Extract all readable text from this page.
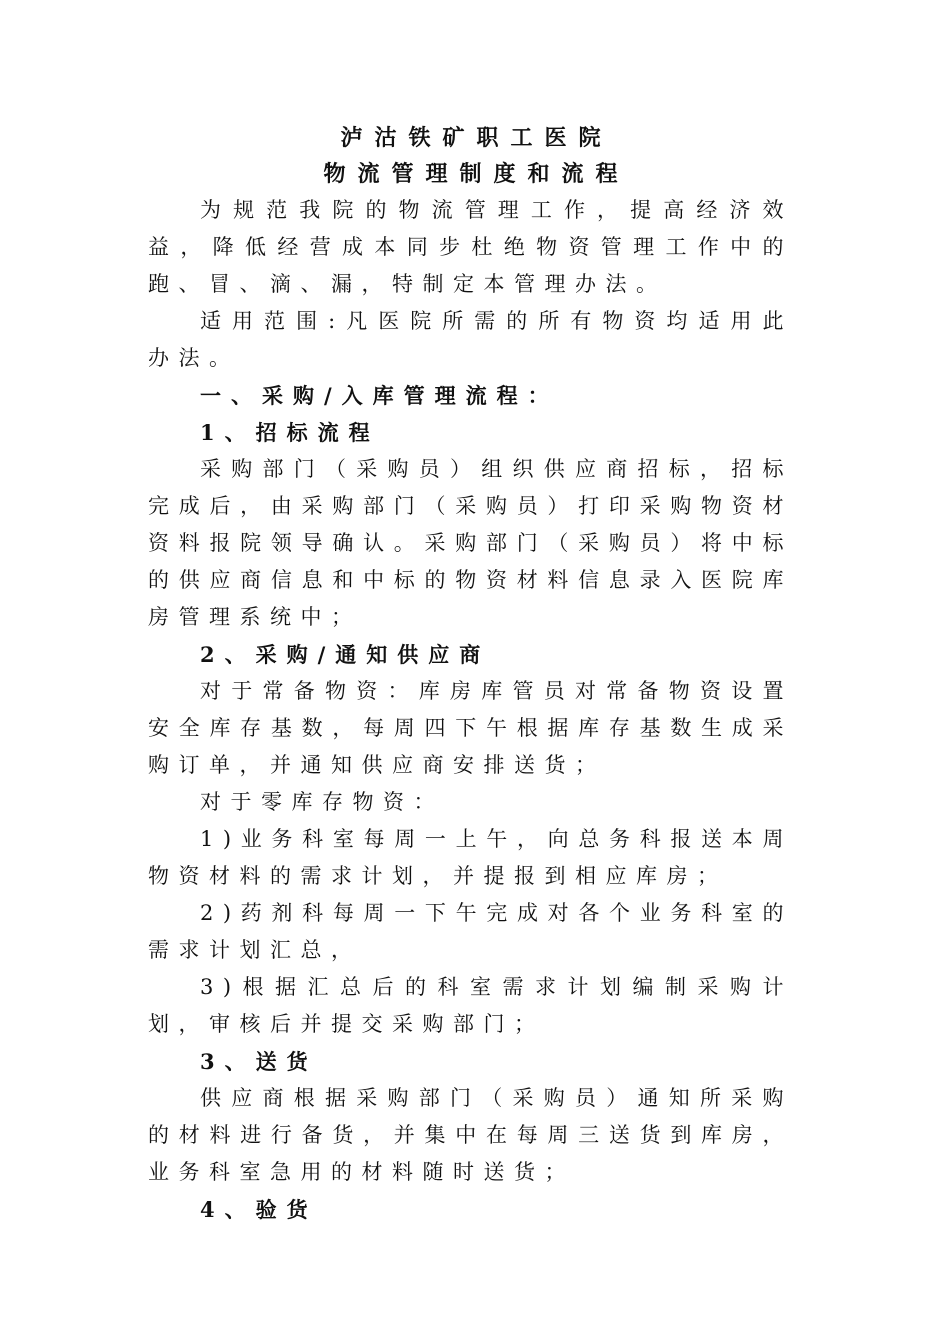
泸沽铁矿职工医院

物流管理制度和流程

为规范我院的物流管理工作，提高经济效益，降低经营成本同步杜绝物资管理工作中的跑、冒、滴、漏，特制定本管理办法。

适用范围:凡医院所需的所有物资均适用此办法。

一、采购/入库管理流程：

1、招标流程

采购部门（采购员）组织供应商招标，招标完成后，由采购部门（采购员）打印采购物资材资料报院领导确认。采购部门（采购员）将中标的供应商信息和中标的物资材料信息录入医院库房管理系统中；

2、采购/通知供应商

对于常备物资：库房库管员对常备物资设置安全库存基数，每周四下午根据库存基数生成采购订单，并通知供应商安排送货；

对于零库存物资：

1)业务科室每周一上午，向总务科报送本周物资材料的需求计划，并提报到相应库房；

2)药剂科每周一下午完成对各个业务科室的需求计划汇总，

3)根据汇总后的科室需求计划编制采购计划，审核后并提交采购部门；

3、送货

供应商根据采购部门（采购员）通知所采购的材料进行备货，并集中在每周三送货到库房，业务科室急用的材料随时送货；

4、验货
